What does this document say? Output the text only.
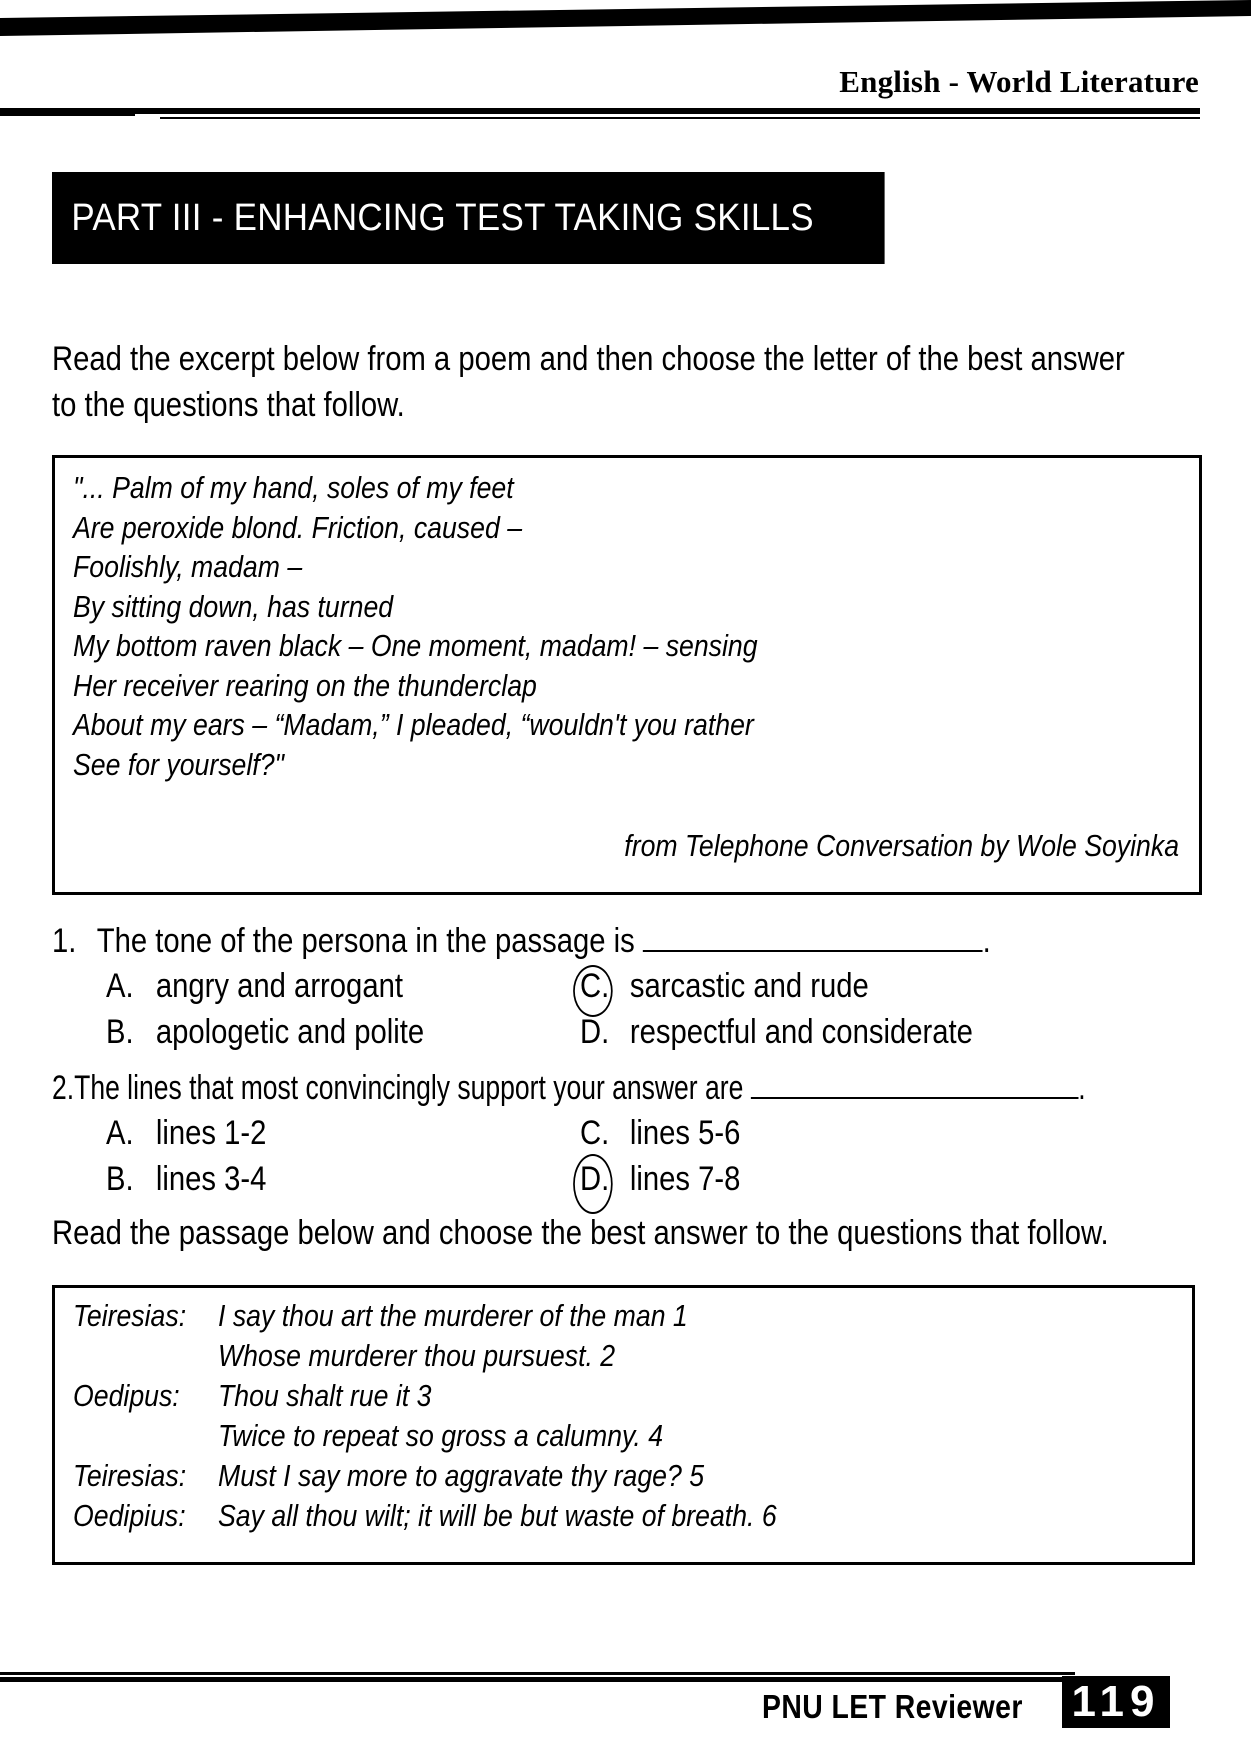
English - World Literature
PART III - ENHANCING TEST TAKING SKILLS
Read the excerpt below from a poem and then choose the letter of the best answer
to the questions that follow.
"... Palm of my hand, soles of my feet
Are peroxide blond. Friction, caused –
Foolishly, madam –
By sitting down, has turned
My bottom raven black – One moment, madam! – sensing
Her receiver rearing on the thunderclap
About my ears – “Madam,” I pleaded, “wouldn't you rather
See for yourself?"
from Telephone Conversation by Wole Soyinka
1. The tone of the persona in the passage is	.
A. angry and arrogant
B. apologetic and polite
C. sarcastic and rude
D. respectful and considerate
2.The lines that most convincingly support your answer are	.
A. lines 1-2
B. lines 3-4
C. lines 5-6
D. lines 7-8
Read the passage below and choose the best answer to the questions that follow.
Teiresias: I say thou art the murderer of the man 1
Whose murderer thou pursuest. 2
Oedipus: Thou shalt rue it 3
Twice to repeat so gross a calumny. 4
Teiresias: Must I say more to aggravate thy rage? 5
Oedipius: Say all thou wilt; it will be but waste of breath. 6
PNU LET Reviewer	119
